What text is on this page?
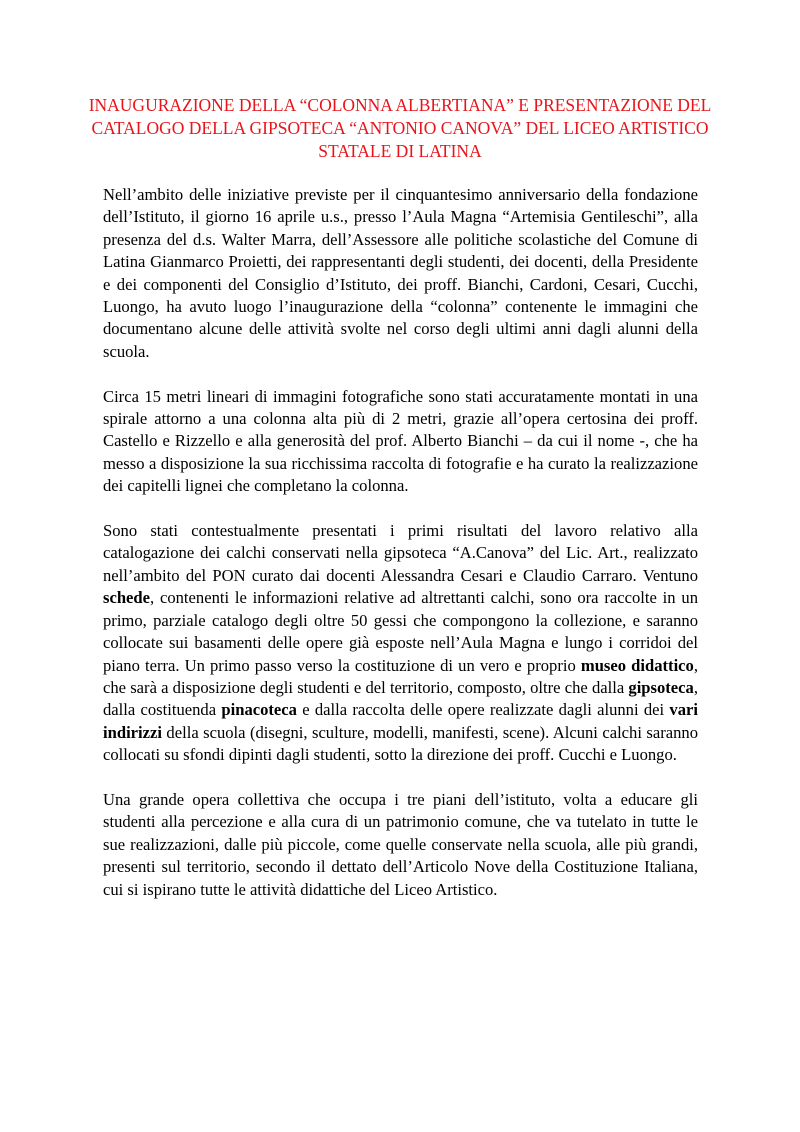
INAUGURAZIONE DELLA “COLONNA ALBERTIANA” E PRESENTAZIONE DEL CATALOGO DELLA GIPSOTECA “ANTONIO CANOVA” DEL LICEO ARTISTICO STATALE DI LATINA

Nell’ambito delle iniziative previste per il cinquantesimo anniversario della fondazione dell’Istituto, il giorno 16 aprile u.s., presso l’Aula Magna “Artemisia Gentileschi”, alla presenza del d.s. Walter Marra, dell’Assessore alle politiche scolastiche del Comune di Latina Gianmarco Proietti, dei rappresentanti degli studenti, dei docenti, della Presidente e dei componenti del Consiglio d’Istituto, dei proff. Bianchi, Cardoni, Cesari, Cucchi, Luongo, ha avuto luogo l’inaugurazione della “colonna” contenente le immagini che documentano alcune delle attività svolte nel corso degli ultimi anni dagli alunni della scuola.

Circa 15 metri lineari di immagini fotografiche sono stati accuratamente montati in una spirale attorno a una colonna alta più di 2 metri, grazie all’opera certosina dei proff. Castello e Rizzello e alla generosità del prof. Alberto Bianchi – da cui il nome -, che ha messo a disposizione la sua ricchissima raccolta di fotografie e ha curato la realizzazione dei capitelli lignei che completano la colonna.

Sono stati contestualmente presentati i primi risultati del lavoro relativo alla catalogazione dei calchi conservati nella gipsoteca “A.Canova” del Lic. Art., realizzato nell’ambito del PON curato dai docenti Alessandra Cesari e Claudio Carraro. Ventuno schede, contenenti le informazioni relative ad altrettanti calchi, sono ora raccolte in un primo, parziale catalogo degli oltre 50 gessi che compongono la collezione, e saranno collocate sui basamenti delle opere già esposte nell’Aula Magna e lungo i corridoi del piano terra. Un primo passo verso la costituzione di un vero e proprio museo didattico, che sarà a disposizione degli studenti e del territorio, composto, oltre che dalla gipsoteca, dalla costituenda pinacoteca e dalla raccolta delle opere realizzate dagli alunni dei vari indirizzi della scuola (disegni, sculture, modelli, manifesti, scene). Alcuni calchi saranno collocati su sfondi dipinti dagli studenti, sotto la direzione dei proff. Cucchi e Luongo.

Una grande opera collettiva che occupa i tre piani dell’istituto, volta a educare gli studenti alla percezione e alla cura di un patrimonio comune, che va tutelato in tutte le sue realizzazioni, dalle più piccole, come quelle conservate nella scuola, alle più grandi, presenti sul territorio, secondo il dettato dell’Articolo Nove della Costituzione Italiana, cui si ispirano tutte le attività didattiche del Liceo Artistico.
